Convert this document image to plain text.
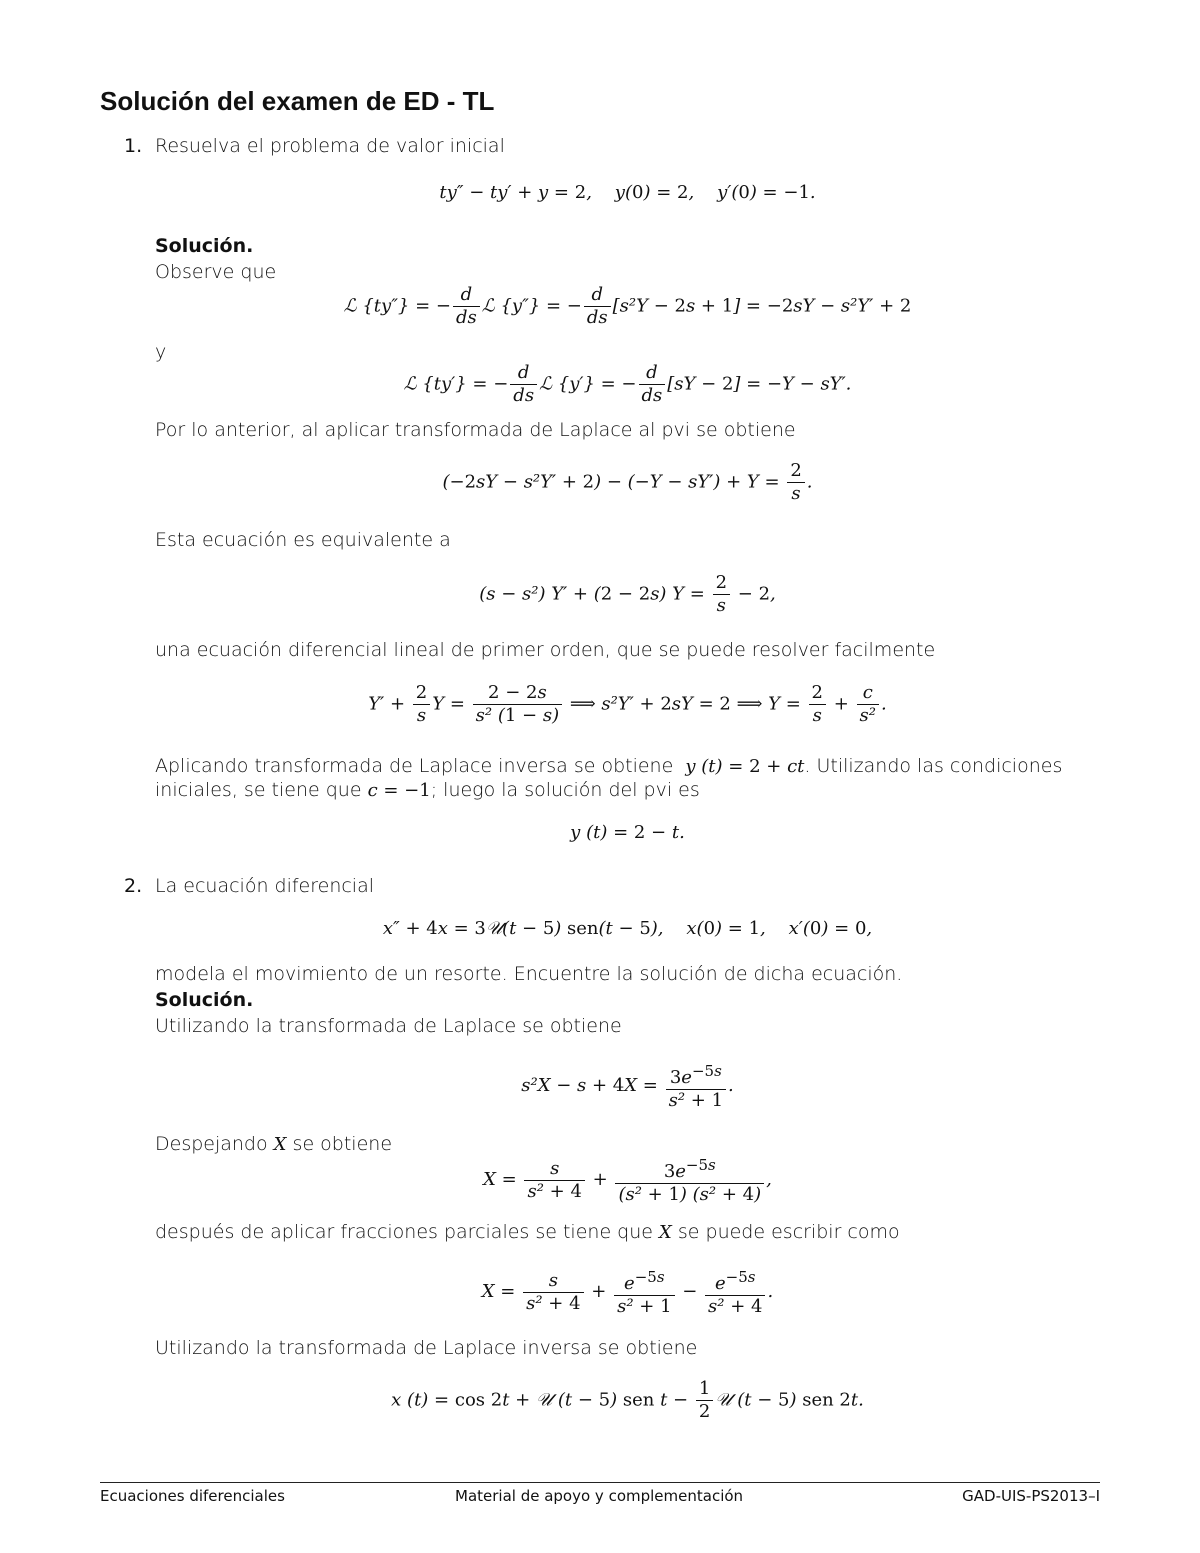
Solución del examen de ED - TL
1. Resuelva el problema de valor inicial

ty″ − ty′ + y = 2,    y(0) = 2,    y′(0) = −1.

Solución.

Observe que

ℒ {ty″} = − $\frac{d}{ds}$ ℒ {y″} = − $\frac{d}{ds} [s^2Y - 2s + 1] = -2sY - s^2Y' + 2$

y

ℒ {ty′} = − $\frac{d}{ds}$ ℒ {y′} = − $\frac{d}{ds} [sY - 2] = -Y - sY'$.

Por lo anterior, al aplicar transformada de Laplace al pvi se obtiene

$(-2sY - s^2Y' + 2) - (-Y - sY') + Y = \frac{2}{s}$ .

Esta ecuación es equivalente a

(s − s²) Y′ + (2 − 2s) $Y = \frac{2}{s} - 2$,

una ecuación diferencial lineal de primer orden, que se puede resolver facilmente

$Y' + \frac{2}{s}$ $Y = \frac{2 - 2s}{\text{s² (1 − s)}}$ ⟹ s²Y′ + 2sY = 2 ⟹ $Y = \frac{2}{s} + \frac{c}{\text{s²}}$ .

Aplicando transformada de Laplace inversa se obtiene y (t) = 2 + ct. Utilizando las condiciones

iniciales, se tiene que c = −1; luego la solución del pvi es

y (t) = 2 − t.
2. La ecuación diferencial

x″ + 4x = 3𝒰(t − 5) sen(t − 5),    x(0) = 1,    x′(0) = 0,

modela el movimiento de un resorte. Encuentre la solución de dicha ecuación.

Solución.

Utilizando la transformada de Laplace se obtiene

$s^2X - s + 4X = \frac{3e^{-5s}}{\text{s² + 1}}$ .

Despejando X se obtiene

$X = \frac{s}{\text{s² + 4}} + \frac{3e^{-5s}}{\text{(s² + 1) (s² + 4)}}$ ,

después de aplicar fracciones parciales se tiene que X se puede escribir como

$X = \frac{s}{\text{s² + 4}} + \frac{e^{-5s}}{\text{s² + 1}} - \frac{e^{-5s}}{\text{s² + 4}}$ .

Utilizando la transformada de Laplace inversa se obtiene

x (t) = cos 2t + 𝒰 (t − 5) sen $t - \frac{1}{2}$ 𝒰 (t − 5) sen 2t.
Ecuaciones diferenciales	Material de apoyo y complementación	GAD-UIS-PS2013–I
